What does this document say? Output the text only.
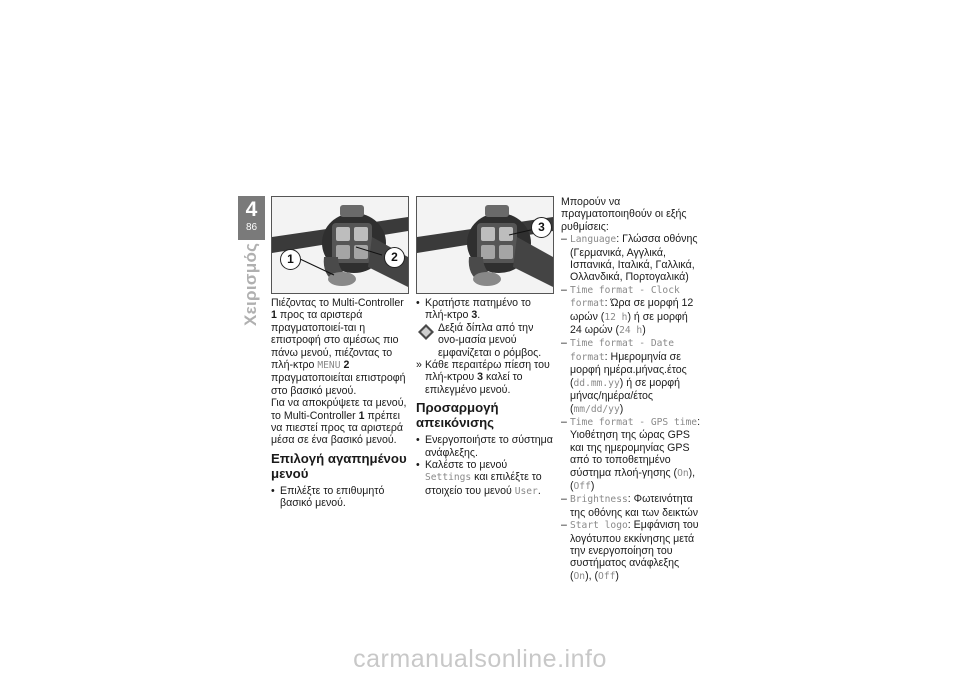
4
86
Χειρισμός	1	2

Πιέζοντας το Multi-Controller 1 προς τα αριστερά πραγματοποιεί-ται η επιστροφή στο αμέσως πιο πάνω μενού, πιέζοντας το πλή-κτρο MENU 2 πραγματοποιείται επιστροφή στο βασικό μενού.

Για να αποκρύψετε τα μενού, το Multi-Controller 1 πρέπει να πιεστεί προς τα αριστερά μέσα σε ένα βασικό μενού.

Επιλογή αγαπημένου μενού

• Επιλέξτε το επιθυμητό βασικό μενού.

3

• Κρατήστε πατημένο το πλή-κτρο 3.

Δεξιά δίπλα από την ονο-μασία μενού εμφανίζεται ο ρόμβος.

» Κάθε περαιτέρω πίεση του πλή-κτρου 3 καλεί το επιλεγμένο μενού.

Προσαρμογή απεικόνισης

• Ενεργοποιήστε το σύστημα ανάφλεξης.

• Καλέστε το μενού Settings και επιλέξτε το στοιχείο του μενού User.

Μπορούν να πραγματοποιηθούν οι εξής ρυθμίσεις:

– Language: Γλώσσα οθόνης (Γερμανικά, Αγγλικά, Ισπανικά, Ιταλικά, Γαλλικά, Ολλανδικά, Πορτογαλικά)

– Time format - Clock format: Ώρα σε μορφή 12 ωρών (12 h) ή σε μορφή 24 ωρών (24 h)

– Time format - Date format: Ημερομηνία σε μορφή ημέρα.μήνας.έτος (dd.mm.yy) ή σε μορφή μήνας/ημέρα/έτος (mm/dd/yy)

– Time format - GPS time: Υιοθέτηση της ώρας GPS και της ημερομηνίας GPS από το τοποθετημένο σύστημα πλοή-γησης (On), (Off)

– Brightness: Φωτεινότητα της οθόνης και των δεικτών

– Start logo: Εμφάνιση του λογότυπου εκκίνησης μετά την ενεργοποίηση του συστήματος ανάφλεξης (On), (Off)

carmanualsonline.info
